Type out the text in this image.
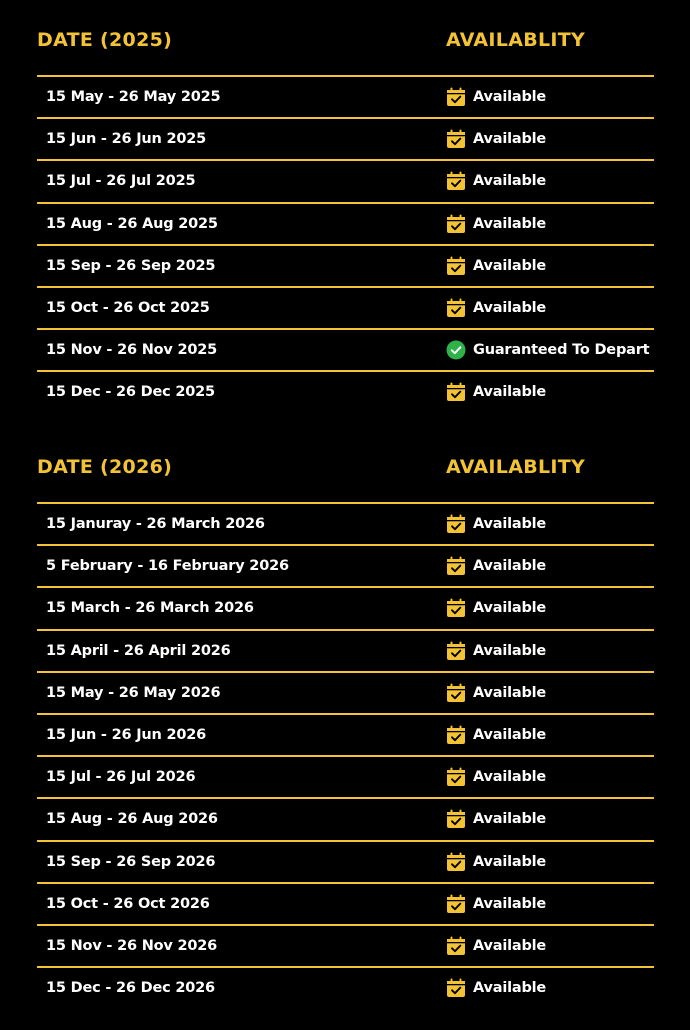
DATE (2025)	AVAILABLITY
15 May - 26 May 2025	Available
15 Jun - 26 Jun 2025	Available
15 Jul - 26 Jul 2025	Available
15 Aug - 26 Aug 2025	Available
15 Sep - 26 Sep 2025	Available
15 Oct - 26 Oct 2025	Available
15 Nov - 26 Nov 2025	Guaranteed To Depart
15 Dec - 26 Dec 2025	Available
DATE (2026)	AVAILABLITY
15 Januray - 26 March 2026	Available
5 February - 16 February 2026	Available
15 March - 26 March 2026	Available
15 April - 26 April 2026	Available
15 May - 26 May 2026	Available
15 Jun - 26 Jun 2026	Available
15 Jul - 26 Jul 2026	Available
15 Aug - 26 Aug 2026	Available
15 Sep - 26 Sep 2026	Available
15 Oct - 26 Oct 2026	Available
15 Nov - 26 Nov 2026	Available
15 Dec - 26 Dec 2026	Available
